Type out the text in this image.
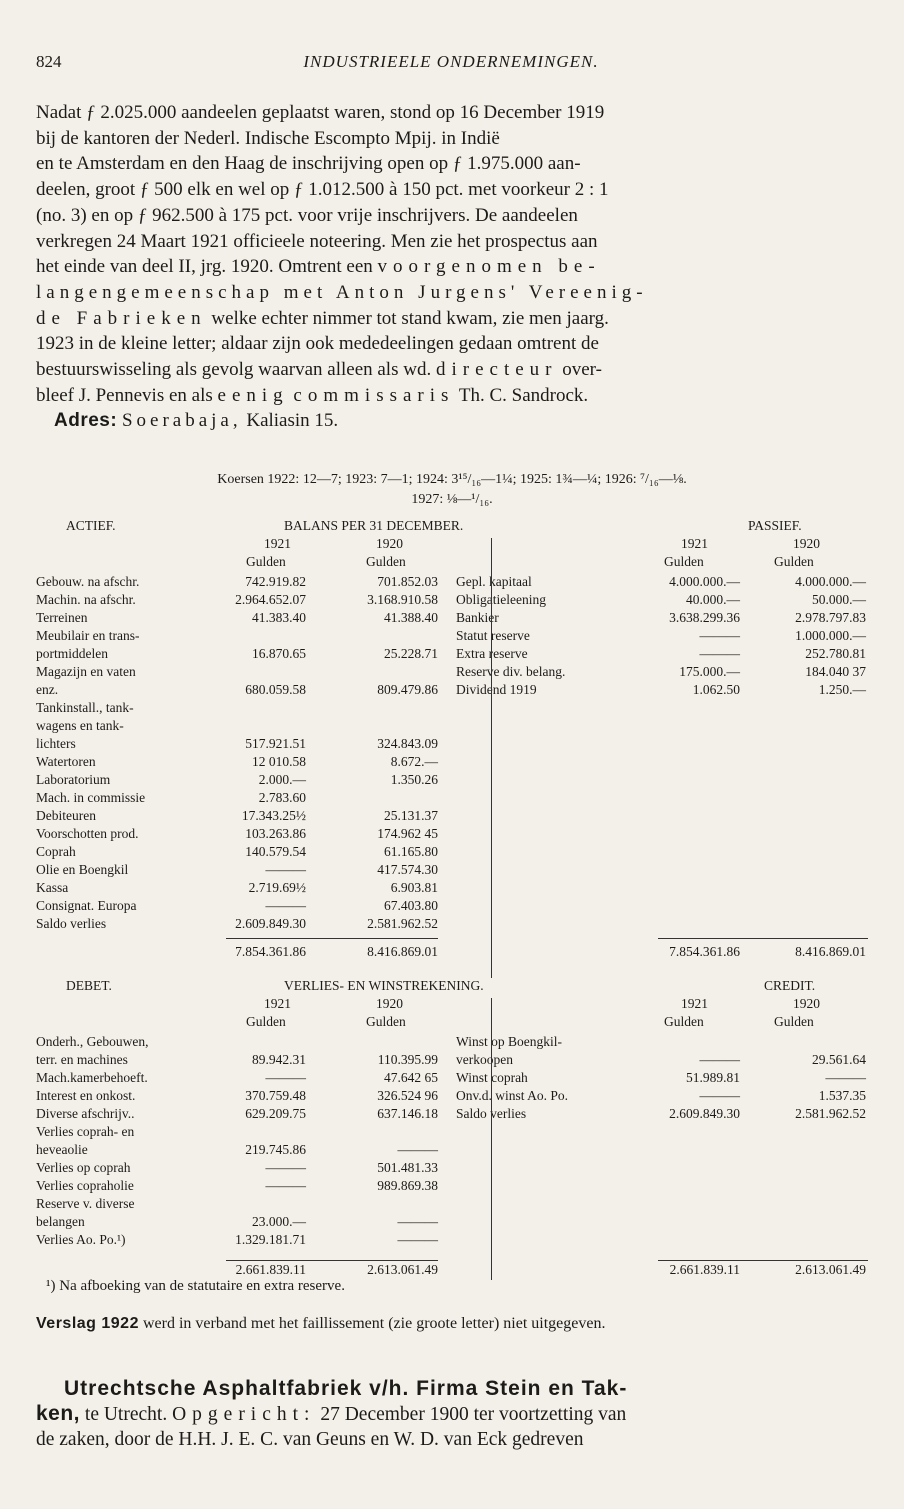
824	INDUSTRIEELE ONDERNEMINGEN.
Nadat ƒ 2.025.000 aandeelen geplaatst waren, stond op 16 December 1919
bij de kantoren der Nederl. Indische Escompto Mpij. in Indië
en te Amsterdam en den Haag de inschrijving open op ƒ 1.975.000 aan-
deelen, groot ƒ 500 elk en wel op ƒ 1.012.500 à 150 pct. met voorkeur 2 : 1
(no. 3) en op ƒ 962.500 à 175 pct. voor vrije inschrijvers. De aandeelen
verkregen 24 Maart 1921 officieele noteering. Men zie het prospectus aan
het einde van deel II, jrg. 1920. Omtrent een voorgenomen be-
langengemeenschap met Anton Jurgens' Vereenig-
de Fabrieken welke echter nimmer tot stand kwam, zie men jaarg.
1923 in de kleine letter; aldaar zijn ook mededeelingen gedaan omtrent de
bestuurswisseling als gevolg waarvan alleen als wd. directeur over-
bleef J. Pennevis en als eenig commissaris Th. C. Sandrock.
Adres: Soerabaja, Kaliasin 15.
Koersen 1922: 12—7; 1923: 7—1; 1924: 3¹⁵/₁₆—1¼; 1925: 1¾—¼; 1926: ⁷/₁₆—⅛.
1927: ⅛—¹/₁₆.
ACTIEF.	BALANS PER 31 DECEMBER.	PASSIEF.
1921	1920	1921	1920
Gulden	Gulden	Gulden	Gulden
Gebouw. na afschr.	742.919.82	701.852.03
Machin. na afschr.	2.964.652.07	3.168.910.58
Terreinen	41.383.40	41.388.40
Meubilair en trans-
portmiddelen	16.870.65	25.228.71
Magazijn en vaten
enz.	680.059.58	809.479.86
Tankinstall., tank-
wagens en tank-
lichters	517.921.51	324.843.09
Watertoren	12 010.58	8.672.—
Laboratorium	2.000.—	1.350.26
Mach. in commissie	2.783.60
Debiteuren	17.343.25½	25.131.37
Voorschotten prod.	103.263.86	174.962 45
Coprah	140.579.54	61.165.80
Olie en Boengkil	———	417.574.30
Kassa	2.719.69½	6.903.81
Consignat. Europa	———	67.403.80
Saldo verlies	2.609.849.30	2.581.962.52
Gepl. kapitaal	4.000.000.—	4.000.000.—
Obligatieleening	40.000.—	50.000.—
Bankier	3.638.299.36	2.978.797.83
Statut reserve	———	1.000.000.—
Extra reserve	———	252.780.81
Reserve div. belang.	175.000.—	184.040 37
Dividend 1919	1.062.50	1.250.—
7.854.361.86	8.416.869.01	7.854.361.86	8.416.869.01
DEBET.	VERLIES- EN WINSTREKENING.	CREDIT.
1921	1920	1921	1920
Gulden	Gulden	Gulden	Gulden
Onderh., Gebouwen,
terr. en machines	89.942.31	110.395.99
Mach.kamerbehoeft.	———	47.642 65
Interest en onkost.	370.759.48	326.524 96
Diverse afschrijv..	629.209.75	637.146.18
Verlies coprah- en
heveaolie	219.745.86	———
Verlies op coprah	———	501.481.33
Verlies copraholie	———	989.869.38
Reserve v. diverse
belangen	23.000.—	———
Verlies Ao. Po.¹)	1.329.181.71	———
Winst op Boengkil-
verkoopen	———	29.561.64
Winst coprah	51.989.81	———
Onv.d. winst Ao. Po.	———	1.537.35
Saldo verlies	2.609.849.30	2.581.962.52
2.661.839.11	2.613.061.49	2.661.839.11	2.613.061.49
¹) Na afboeking van de statutaire en extra reserve.
Verslag 1922 werd in verband met het faillissement (zie groote letter) niet uitgegeven.
Utrechtsche Asphaltfabriek v/h. Firma Stein en Tak-
ken, te Utrecht. Opgericht: 27 December 1900 ter voortzetting van
de zaken, door de H.H. J. E. C. van Geuns en W. D. van Eck gedreven
